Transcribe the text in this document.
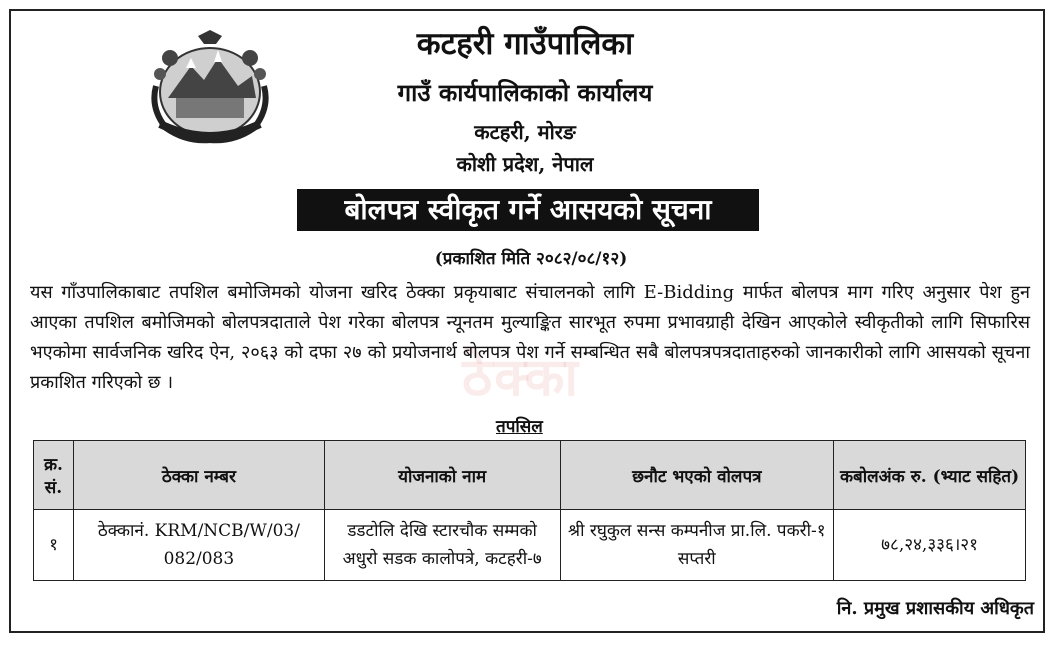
कटहरी गाउँपालिका
गाउँ कार्यपालिकाको कार्यालय
कटहरी, मोरङ
कोशी प्रदेश, नेपाल
बोलपत्र स्वीकृत गर्ने आसयको सूचना
(प्रकाशित मिति २०८२/०८/१२)
ठेक्का
यस गाँउपालिकाबाट तपशिल बमोजिमको योजना खरिद ठेक्का प्रकृयाबाट संचालनको लागि E-Bidding मार्फत बोलपत्र माग गरिए अनुसार पेश हुन आएका तपशिल बमोजिमको बोलपत्रदाताले पेश गरेका बोलपत्र न्यूनतम मुल्याङ्कित सारभूत रुपमा प्रभावग्राही देखिन आएकोले स्वीकृतीको लागि सिफारिस भएकोमा सार्वजनिक खरिद ऐन, २०६३ को दफा २७ को प्रयोजनार्थ बोलपत्र पेश गर्ने सम्बन्धित सबै बोलपत्रपत्रदाताहरुको जानकारीको लागि आसयको सूचना प्रकाशित गरिएको छ ।
तपसिल
क्र. सं.	ठेक्का नम्बर	योजनाको नाम	छनौट भएको वोलपत्र	कबोलअंक रु. (भ्याट सहित)
१	ठेक्कानं. KRM/NCB/W/03/ 082/083	डडटोलि देखि स्टारचौक सम्मको अधुरो सडक कालोपत्रे, कटहरी-७	श्री रघुकुल सन्स कम्पनीज प्रा.लि. पकरी-१ सप्तरी	७८,२४,३३६।२१
नि. प्रमुख प्रशासकीय अधिकृत
